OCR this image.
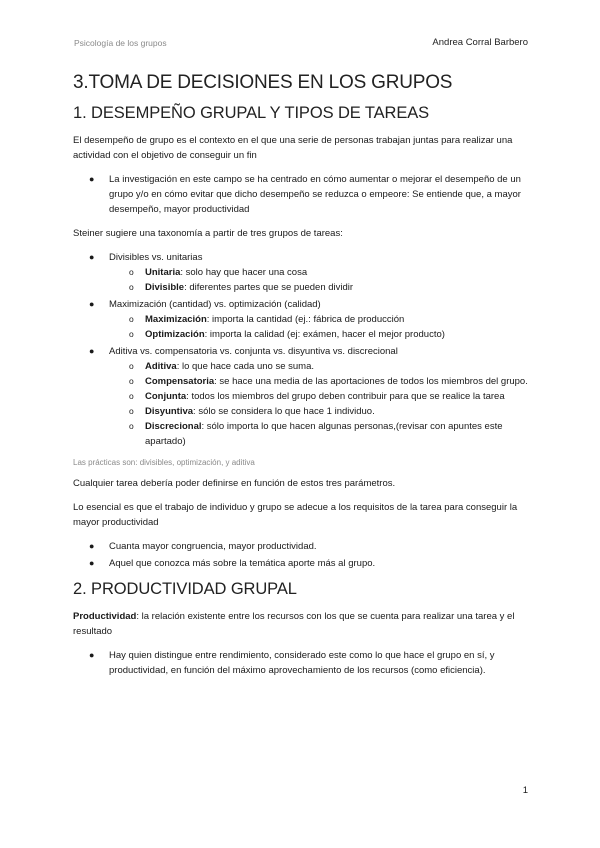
Psicología de los grupos	Andrea Corral Barbero
3.TOMA DE DECISIONES EN LOS GRUPOS
1. DESEMPEÑO GRUPAL Y TIPOS DE TAREAS

El desempeño de grupo es el contexto en el que una serie de personas trabajan juntas para realizar una actividad con el objetivo de conseguir un fin

● La investigación en este campo se ha centrado en cómo aumentar o mejorar el desempeño de un grupo y/o en cómo evitar que dicho desempeño se reduzca o empeore: Se entiende que, a mayor desempeño, mayor productividad

Steiner sugiere una taxonomía a partir de tres grupos de tareas:

● Divisibles vs. unitarias
o Unitaria: solo hay que hacer una cosa
o Divisible: diferentes partes que se pueden dividir
● Maximización (cantidad) vs. optimización (calidad)
o Maximización: importa la cantidad (ej.: fábrica de producción
o Optimización: importa la calidad (ej: exámen, hacer el mejor producto)
● Aditiva vs. compensatoria vs. conjunta vs. disyuntiva vs. discrecional
o Aditiva: lo que hace cada uno se suma.
o Compensatoria: se hace una media de las aportaciones de todos los miembros del grupo.
o Conjunta: todos los miembros del grupo deben contribuir para que se realice la tarea
o Disyuntiva: sólo se considera lo que hace 1 individuo.
o Discrecional: sólo importa lo que hacen algunas personas,(revisar con apuntes este apartado)
Las prácticas son: divisibles, optimización, y aditiva

Cualquier tarea debería poder definirse en función de estos tres parámetros.

Lo esencial es que el trabajo de individuo y grupo se adecue a los requisitos de la tarea para conseguir la mayor productividad

● Cuanta mayor congruencia, mayor productividad.
● Aquel que conozca más sobre la temática aporte más al grupo.
2. PRODUCTIVIDAD GRUPAL

Productividad: la relación existente entre los recursos con los que se cuenta para realizar una tarea y el resultado

● Hay quien distingue entre rendimiento, considerado este como lo que hace el grupo en sí, y productividad, en función del máximo aprovechamiento de los recursos (como eficiencia).
1
